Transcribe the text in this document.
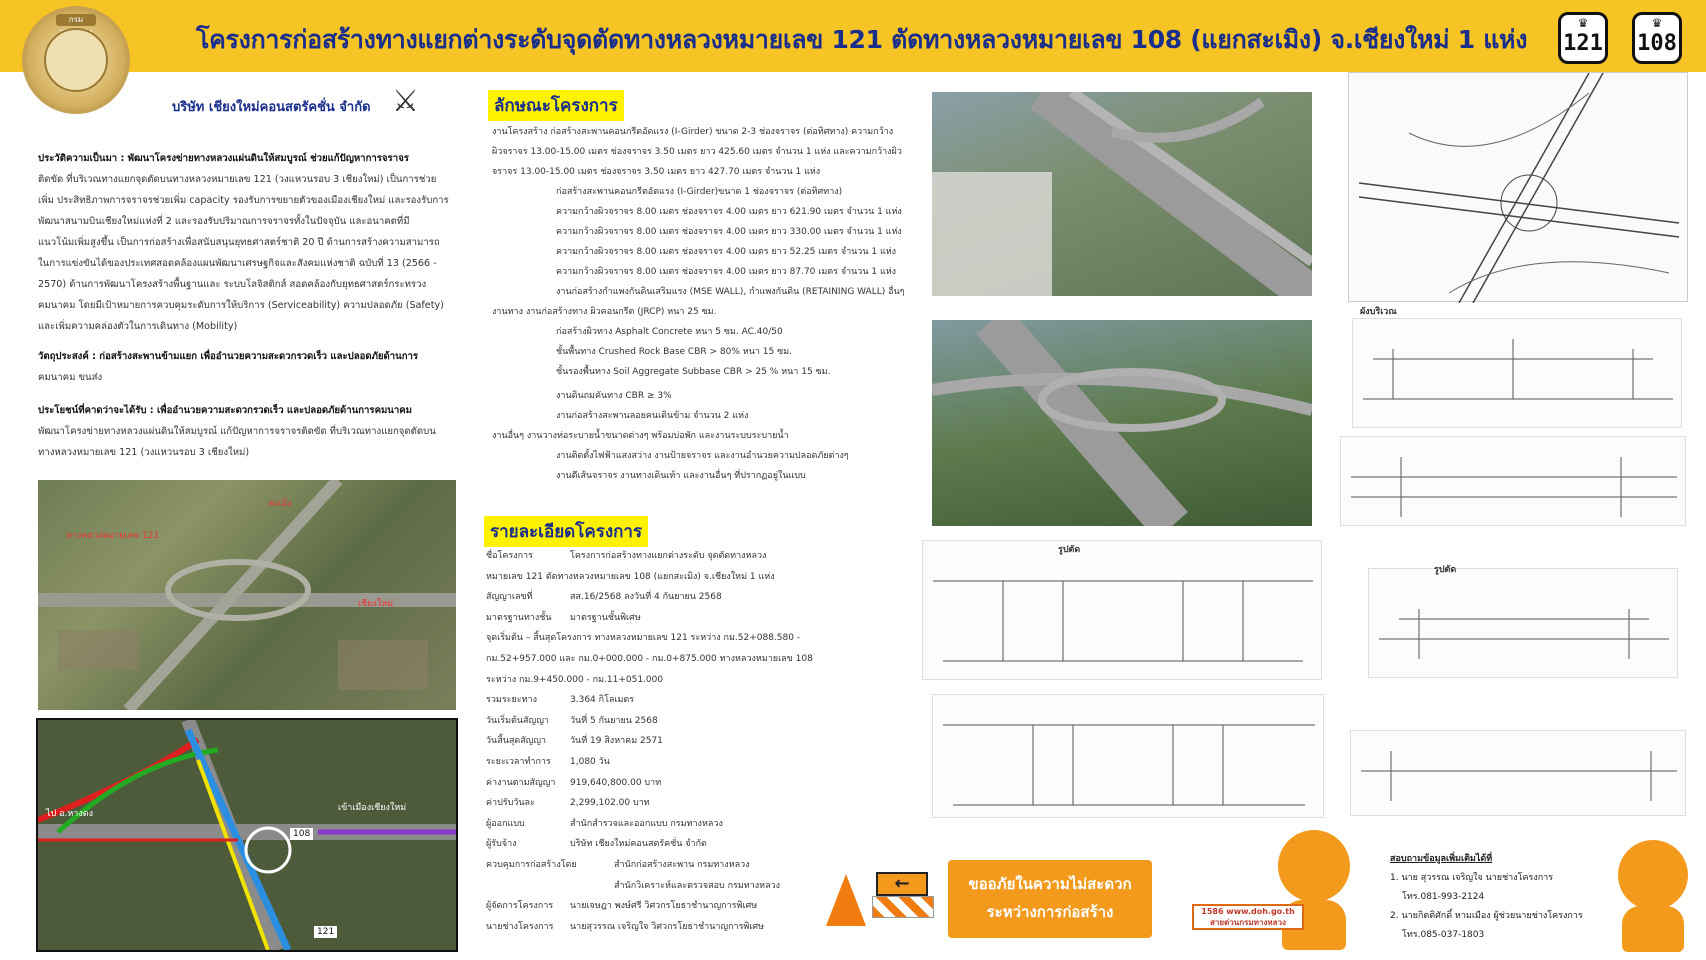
กรม
โครงการก่อสร้างทางแยกต่างระดับจุดตัดทางหลวงหมายเลข 121 ตัดทางหลวงหมายเลข 108 (แยกสะเมิง) จ.เชียงใหม่ 1 แห่ง
♛
121
♛
108
บริษัท เชียงใหม่คอนสตรัคชั่น จำกัด ⚔
ประวัติความเป็นมา : พัฒนาโครงข่ายทางหลวงแผ่นดินให้สมบูรณ์ ช่วยแก้ปัญหาการจราจร
ติดขัด ที่บริเวณทางแยกจุดตัดบนทางหลวงหมายเลข 121 (วงแหวนรอบ 3 เชียงใหม่) เป็นการช่วย
เพิ่ม ประสิทธิภาพการจราจรช่วยเพิ่ม capacity รองรับการขยายตัวของเมืองเชียงใหม่ และรองรับการ
พัฒนาสนามบินเชียงใหม่แห่งที่ 2 และรองรับปริมาณการจราจรทั้งในปัจจุบัน และอนาคตที่มี
แนวโน้มเพิ่มสูงขึ้น เป็นการก่อสร้างเพื่อสนับสนุนยุทธศาสตร์ชาติ 20 ปี ด้านการสร้างความสามารถ
ในการแข่งขันได้ของประเทศสอดคล้องแผนพัฒนาเศรษฐกิจและสังคมแห่งชาติ ฉบับที่ 13 (2566 -
2570) ด้านการพัฒนาโครงสร้างพื้นฐานและ ระบบโลจิสติกส์ สอดคล้องกับยุทธศาสตร์กระทรวง
คมนาคม โดยมีเป้าหมายการควบคุมระดับการให้บริการ (Serviceability) ความปลอดภัย (Safety)
และเพิ่มความคล่องตัวในการเดินทาง (Mobility)
วัตถุประสงค์ : ก่อสร้างสะพานข้ามแยก เพื่ออำนวยความสะดวกรวดเร็ว และปลอดภัยด้านการ
คมนาคม ขนส่ง
ประโยชน์ที่คาดว่าจะได้รับ : เพื่ออำนวยความสะดวกรวดเร็ว และปลอดภัยด้านการคมนาคม
พัฒนาโครงข่ายทางหลวงแผ่นดินให้สมบูรณ์ แก้ปัญหาการจราจรติดขัด ที่บริเวณทางแยกจุดตัดบน
ทางหลวงหมายเลข 121 (วงแหวนรอบ 3 เชียงใหม่)
ทางหลวงหมายเลข 121
สะเมิง
เชียงใหม่
ไป อ.หางดง
เข้าเมืองเชียงใหม่
108
121
ลักษณะโครงการ
งานโครงสร้าง ก่อสร้างสะพานคอนกรีตอัดแรง (I-Girder) ขนาด 2-3 ช่องจราจร (ต่อทิศทาง) ความกว้าง
ผิวจราจร 13.00-15.00 เมตร ช่องจราจร 3.50 เมตร ยาว 425.60 เมตร จำนวน 1 แห่ง และความกว้างผิว
จราจร 13.00-15.00 เมตร ช่องจราจร 3.50 เมตร ยาว 427.70 เมตร จำนวน 1 แห่ง
ก่อสร้างสะพานคอนกรีตอัดแรง (I-Girder)ขนาด 1 ช่องจราจร (ต่อทิศทาง)
ความกว้างผิวจราจร 8.00 เมตร ช่องจราจร 4.00 เมตร ยาว 621.90 เมตร จำนวน 1 แห่ง
ความกว้างผิวจราจร 8.00 เมตร ช่องจราจร 4.00 เมตร ยาว 330.00 เมตร จำนวน 1 แห่ง
ความกว้างผิวจราจร 8.00 เมตร ช่องจราจร 4.00 เมตร ยาว 52.25 เมตร จำนวน 1 แห่ง
ความกว้างผิวจราจร 8.00 เมตร ช่องจราจร 4.00 เมตร ยาว 87.70 เมตร จำนวน 1 แห่ง
งานก่อสร้างกำแพงกันดินเสริมแรง (MSE WALL), กำแพงกันดิน (RETAINING WALL) อื่นๆ
งานทาง งานก่อสร้างทาง ผิวคอนกรีต (JRCP) หนา 25 ซม.
ก่อสร้างผิวทาง Asphalt Concrete หนา 5 ซม. AC.40/50
ชั้นพื้นทาง Crushed Rock Base CBR > 80% หนา 15 ซม.
ชั้นรองพื้นทาง Soil Aggregate Subbase CBR > 25 % หนา 15 ซม.
งานดินถมคันทาง CBR ≥ 3%
งานก่อสร้างสะพานลอยคนเดินข้าม จำนวน 2 แห่ง
งานอื่นๆ งานวางท่อระบายน้ำขนาดต่างๆ พร้อมบ่อพัก และงานระบบระบายน้ำ
งานติดตั้งไฟฟ้าแสงสว่าง งานป้ายจราจร และงานอำนวยความปลอดภัยต่างๆ
งานตีเส้นจราจร งานทางเดินเท้า และงานอื่นๆ ที่ปรากฏอยู่ในแบบ
รายละเอียดโครงการ
ชื่อโครงการ	โครงการก่อสร้างทางแยกต่างระดับ จุดตัดทางหลวง
หมายเลข 121 ตัดทางหลวงหมายเลข 108 (แยกสะเมิง) จ.เชียงใหม่ 1 แห่ง
สัญญาเลขที่	สส.16/2568 ลงวันที่ 4 กันยายน 2568
มาตรฐานทางชั้น มาตรฐานชั้นพิเศษ
จุดเริ่มต้น – สิ้นสุดโครงการ ทางหลวงหมายเลข 121 ระหว่าง กม.52+088.580 -
กม.52+957.000 และ กม.0+000.000 - กม.0+875.000 ทางหลวงหมายเลข 108
ระหว่าง กม.9+450.000 - กม.11+051.000
รวมระยะทาง	3.364 กิโลเมตร
วันเริ่มต้นสัญญา วันที่ 5 กันยายน 2568
วันสิ้นสุดสัญญา	วันที่ 19 สิงหาคม 2571
ระยะเวลาทำการ 1,080 วัน
ค่างานตามสัญญา 919,640,800.00 บาท
ค่าปรับวันละ	2,299,102.00 บาท
ผู้ออกแบบ	สำนักสำรวจและออกแบบ กรมทางหลวง
ผู้รับจ้าง	บริษัท เชียงใหม่คอนสตรัคชั่น จำกัด
ควบคุมการก่อสร้างโดย	สำนักก่อสร้างสะพาน กรมทางหลวง
สำนักวิเคราะห์และตรวจสอบ กรมทางหลวง
ผู้จัดการโครงการ นายเจษฎา พงษ์ศรี วิศวกรโยธาชำนาญการพิเศษ
นายช่างโครงการ นายสุวรรณ เจริญใจ วิศวกรโยธาชำนาญการพิเศษ
ผังบริเวณ
รูปตัด
รูปตัด
←	ขออภัยในความไม่สะดวก
ระหว่างการก่อสร้าง	1586 www.doh.go.th
สายด่วนกรมทางหลวง
สอบถามข้อมูลเพิ่มเติมได้ที่
1. นาย สุวรรณ เจริญใจ นายช่างโครงการ
โทร.081-993-2124
2. นายกิตติศักดิ์ หามเมือง ผู้ช่วยนายช่างโครงการ
โทร.085-037-1803
